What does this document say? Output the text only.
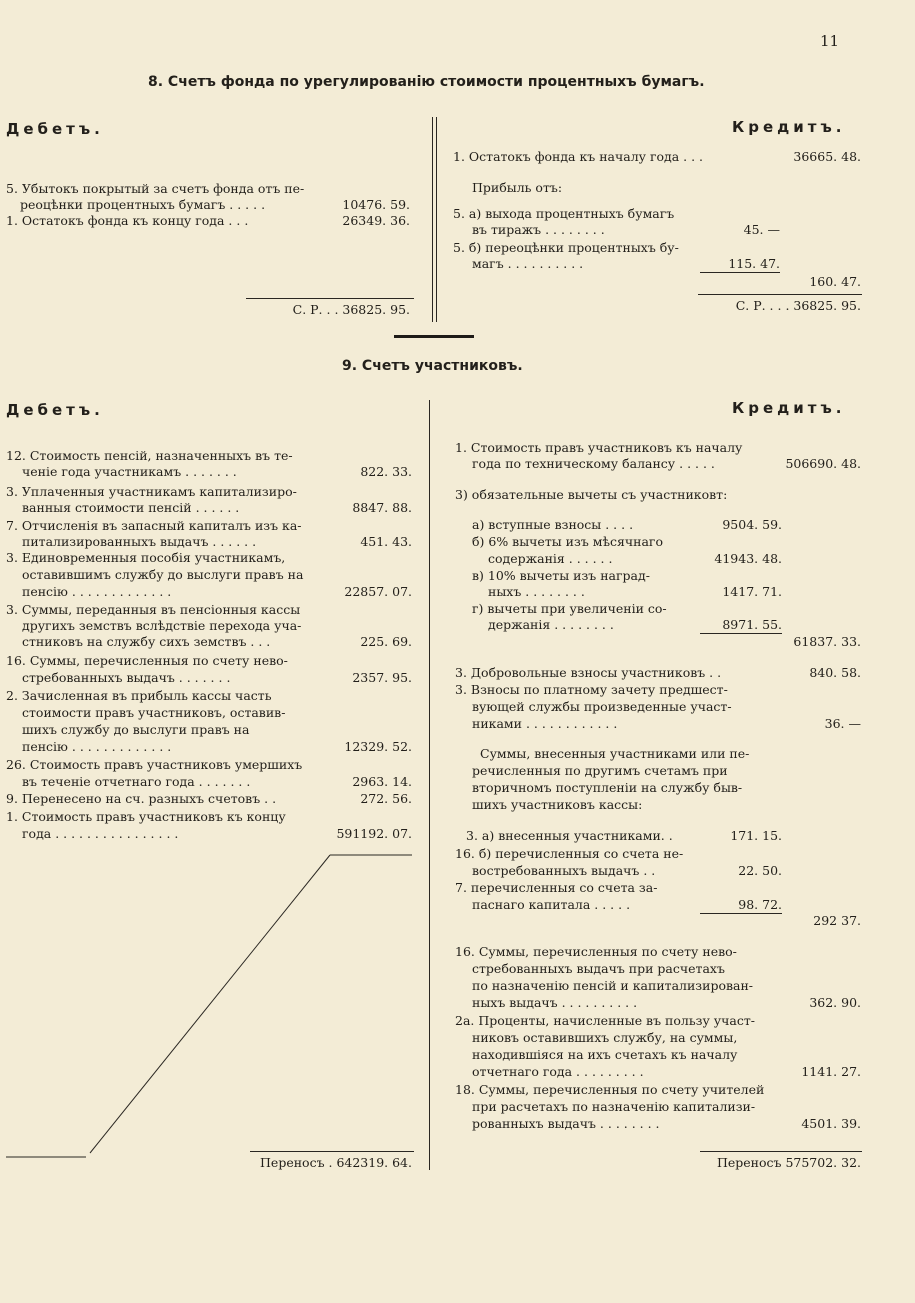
11
8. Счетъ фонда по урегулированію стоимости процентныхъ бумагъ.
Дебетъ.	Кредитъ.
5. Убытокъ покрытый за счетъ фонда отъ пе-
реоцѣнки процентныхъ бумагъ . . . . .	10476. 59.
1. Остатокъ фонда къ концу года . . .	26349. 36.
С. Р. . . 36825. 95.
1. Остатокъ фонда къ началу года . . .	36665. 48.
Прибыль отъ:
5. а) выхода процентныхъ бумагъ
въ тиражъ . . . . . . . .	45. —
5. б) переоцѣнки процентныхъ бу-
магъ . . . . . . . . . .	115. 47.
160. 47.
С. Р. . . . 36825. 95.
9. Счетъ участниковъ.
Дебетъ.	Кредитъ.
12. Стоимость пенсій, назначенныхъ въ те-
ченіе года участникамъ . . . . . . .	822. 33.
3. Уплаченныя участникамъ капитализиро-
ванныя стоимости пенсій . . . . . .	8847. 88.
7. Отчисленія въ запасный капиталъ изъ ка-
питализированныхъ выдачъ . . . . . .	451. 43.
3. Единовременныя пособія участникамъ,
оставившимъ службу до выслуги правъ на
пенсію . . . . . . . . . . . . .	22857. 07.
3. Суммы, переданныя въ пенсіонныя кассы
другихъ земствъ вслѣдствіе перехода уча-
стниковъ на службу сихъ земствъ . . .	225. 69.
16. Суммы, перечисленныя по счету нево-
стребованныхъ выдачъ . . . . . . .	2357. 95.
2. Зачисленная въ прибыль кассы часть
стоимости правъ участниковъ, оставив-
шихъ службу до выслуги правъ на
пенсію . . . . . . . . . . . . .	12329. 52.
26. Стоимость правъ участниковъ умершихъ
въ теченіе отчетнаго года . . . . . . .	2963. 14.
9. Перенесено на сч. разныхъ счетовъ . .	272. 56.
1. Стоимость правъ участниковъ къ концу
года . . . . . . . . . . . . . . . .	591192. 07.
Переносъ . 642319. 64.
1. Стоимость правъ участниковъ къ началу
года по техническому балансу . . . . .	506690. 48.
3) обязательные вычеты съ участниковт:
а) вступные взносы . . . .	9504. 59.
б) 6% вычеты изъ мѣсячнаго
содержанія . . . . . .	41943. 48.
в) 10% вычеты изъ наград-
ныхъ . . . . . . . .	1417. 71.
г) вычеты при увеличеніи со-
держанія . . . . . . . .	8971. 55.
61837. 33.
3. Добровольные взносы участниковъ . .	840. 58.
3. Взносы по платному зачету предшест-
вующей службы произведенные участ-
никами . . . . . . . . . . . .	36. —
Суммы, внесенныя участниками или пе-
речисленныя по другимъ счетамъ при
вторичномъ поступленіи на службу быв-
шихъ участниковъ кассы:
3. а) внесенныя участниками. .	171. 15.
16. б) перечисленныя со счета не-
востребованныхъ выдачъ . .	22. 50.
7. перечисленныя со счета за-
паснаго капитала . . . . .	98. 72.
292 37.
16. Суммы, перечисленныя по счету нево-
стребованныхъ выдачъ при расчетахъ
по назначенію пенсій и капитализирован-
ныхъ выдачъ . . . . . . . . . .	362. 90.
2а. Проценты, начисленные въ пользу участ-
никовъ оставившихъ службу, на суммы,
находившіяся на ихъ счетахъ къ началу
отчетнаго года . . . . . . . . .	1141. 27.
18. Суммы, перечисленныя по счету учителей
при расчетахъ по назначенію капитализи-
рованныхъ выдачъ . . . . . . . .	4501. 39.
Переносъ 575702. 32.
